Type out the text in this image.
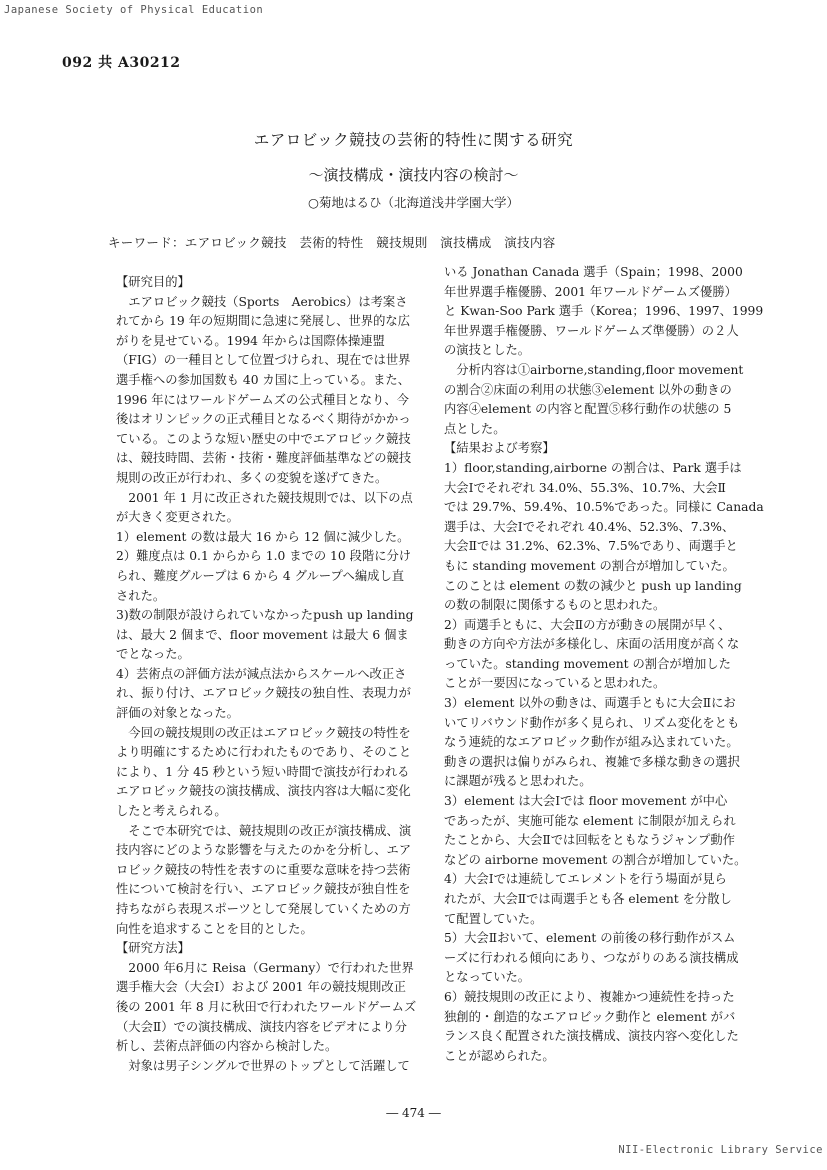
Japanese Society of Physical Education
092 共 A30212
エアロビック競技の芸術的特性に関する研究
〜演技構成・演技内容の検討〜
○菊地はるひ（北海道浅井学園大学）
キーワード：エアロビック競技　芸術的特性　競技規則　演技構成　演技内容

【研究目的】

　エアロビック競技（Sports　Aerobics）は考案さ

れてから 19 年の短期間に急速に発展し、世界的な広

がりを見せている。1994 年からは国際体操連盟

（FIG）の一種目として位置づけられ、現在では世界

選手権への参加国数も 40 カ国に上っている。また、

1996 年にはワールドゲームズの公式種目となり、今

後はオリンピックの正式種目となるべく期待がかかっ

ている。このような短い歴史の中でエアロビック競技

は、競技時間、芸術・技術・難度評価基準などの競技

規則の改正が行われ、多くの変貌を遂げてきた。

　2001 年 1 月に改正された競技規則では、以下の点

が大きく変更された。

1）element の数は最大 16 から 12 個に減少した。

2）難度点は 0.1 からから 1.0 までの 10 段階に分け

られ、難度グループは 6 から 4 グループへ編成し直

された。

3)数の制限が設けられていなかったpush up landing

は、最大 2 個まで、floor movement は最大 6 個ま

でとなった。

4）芸術点の評価方法が減点法からスケールへ改正さ

れ、振り付け、エアロビック競技の独自性、表現力が

評価の対象となった。

　今回の競技規則の改正はエアロビック競技の特性を

より明確にするために行われたものであり、そのこと

により、1 分 45 秒という短い時間で演技が行われる

エアロビック競技の演技構成、演技内容は大幅に変化

したと考えられる。

　そこで本研究では、競技規則の改正が演技構成、演

技内容にどのような影響を与えたのかを分析し、エア

ロビック競技の特性を表すのに重要な意味を持つ芸術

性について検討を行い、エアロビック競技が独自性を

持ちながら表現スポーツとして発展していくための方

向性を追求することを目的とした。

【研究方法】

　2000 年6月に Reisa（Germany）で行われた世界

選手権大会（大会Ⅰ）および 2001 年の競技規則改正

後の 2001 年 8 月に秋田で行われたワールドゲームズ

（大会Ⅱ）での演技構成、演技内容をビデオにより分

析し、芸術点評価の内容から検討した。

　対象は男子シングルで世界のトップとして活躍して

いる Jonathan Canada 選手（Spain；1998、2000

年世界選手権優勝、2001 年ワールドゲームズ優勝）

と Kwan-Soo Park 選手（Korea；1996、1997、1999

年世界選手権優勝、ワールドゲームズ準優勝）の２人

の演技とした。

　分析内容は①airborne,standing,floor movement

の割合②床面の利用の状態③element 以外の動きの

内容④element の内容と配置⑤移行動作の状態の 5

点とした。

【結果および考察】

1）floor,standing,airborne の割合は、Park 選手は

大会Ⅰでそれぞれ 34.0%、55.3%、10.7%、大会Ⅱ

では 29.7%、59.4%、10.5%であった。同様に Canada

選手は、大会Ⅰでそれぞれ 40.4%、52.3%、7.3%、

大会Ⅱでは 31.2%、62.3%、7.5%であり、両選手と

もに standing movement の割合が増加していた。

このことは element の数の減少と push up landing

の数の制限に関係するものと思われた。

2）両選手ともに、大会Ⅱの方が動きの展開が早く、

動きの方向や方法が多様化し、床面の活用度が高くな

っていた。standing movement の割合が増加した

ことが一要因になっていると思われた。

3）element 以外の動きは、両選手ともに大会Ⅱにお

いてリバウンド動作が多く見られ、リズム変化をとも

なう連続的なエアロビック動作が組み込まれていた。

動きの選択は偏りがみられ、複雑で多様な動きの選択

に課題が残ると思われた。

3）element は大会Ⅰでは floor movement が中心

であったが、実施可能な element に制限が加えられ

たことから、大会Ⅱでは回転をともなうジャンプ動作

などの airborne movement の割合が増加していた。

4）大会Ⅰでは連続してエレメントを行う場面が見ら

れたが、大会Ⅱでは両選手とも各 element を分散し

て配置していた。

5）大会Ⅱおいて、element の前後の移行動作がスム

ーズに行われる傾向にあり、つながりのある演技構成

となっていた。

6）競技規則の改正により、複雑かつ連続性を持った

独創的・創造的なエアロビック動作と element がバ

ランス良く配置された演技構成、演技内容へ変化した

ことが認められた。

― 474 ―
NII-Electronic Library Service
